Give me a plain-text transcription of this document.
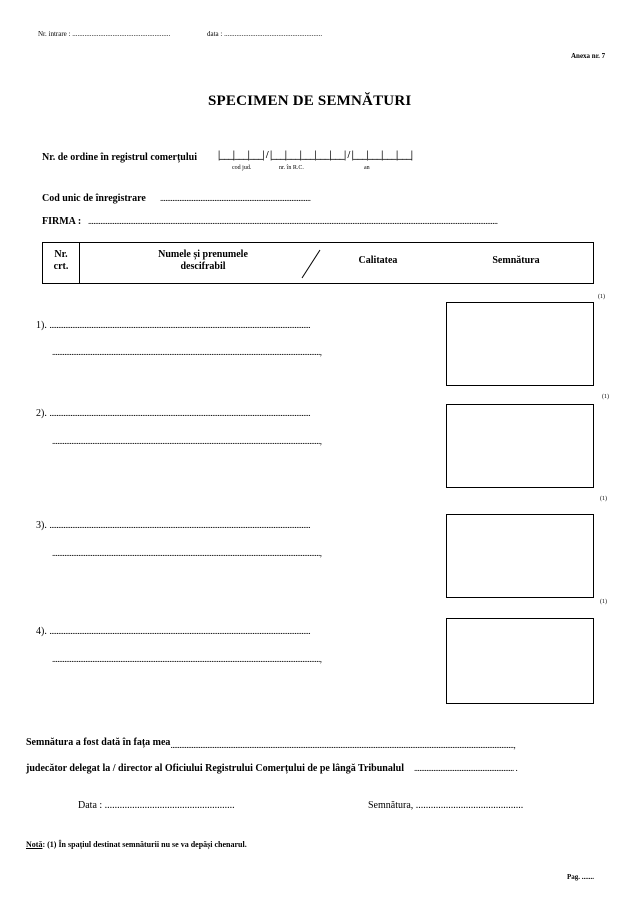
Nr. intrare : ........................................................	data : ........................................................
Anexa nr. 7
SPECIMEN DE SEMNĂTURI
Nr. de ordine în registrul comerțului |___|___|___| / |___|___|___|___|___| / |___|___|___|___|
cod jud.	nr. în R.C.	an
Cod unic de înregistrare ......................................................................................
FIRMA : ..........................................................................................................................................................................................................................................
Nr.
crt.
Numele și prenumele
descifrabil
Calitatea	Semnătura
(1)
(1)
(1)
(1)
1). .....................................................................................................................................................
.........................................................................................................................................................,
2). .....................................................................................................................................................
.........................................................................................................................................................,
3). .....................................................................................................................................................
.........................................................................................................................................................,
4). .....................................................................................................................................................
.........................................................................................................................................................,
Semnătura a fost dată în fața mea....................................................................................................................................................................................................,
judecător delegat la / director al Oficiului Registrului Comerțului de pe lângă Tribunalul ......................................................... .
Data : ....................................................	Semnătura, ...........................................
Notă: (1) În spațiul destinat semnăturii nu se va depăși chenarul.
Pag. .......
